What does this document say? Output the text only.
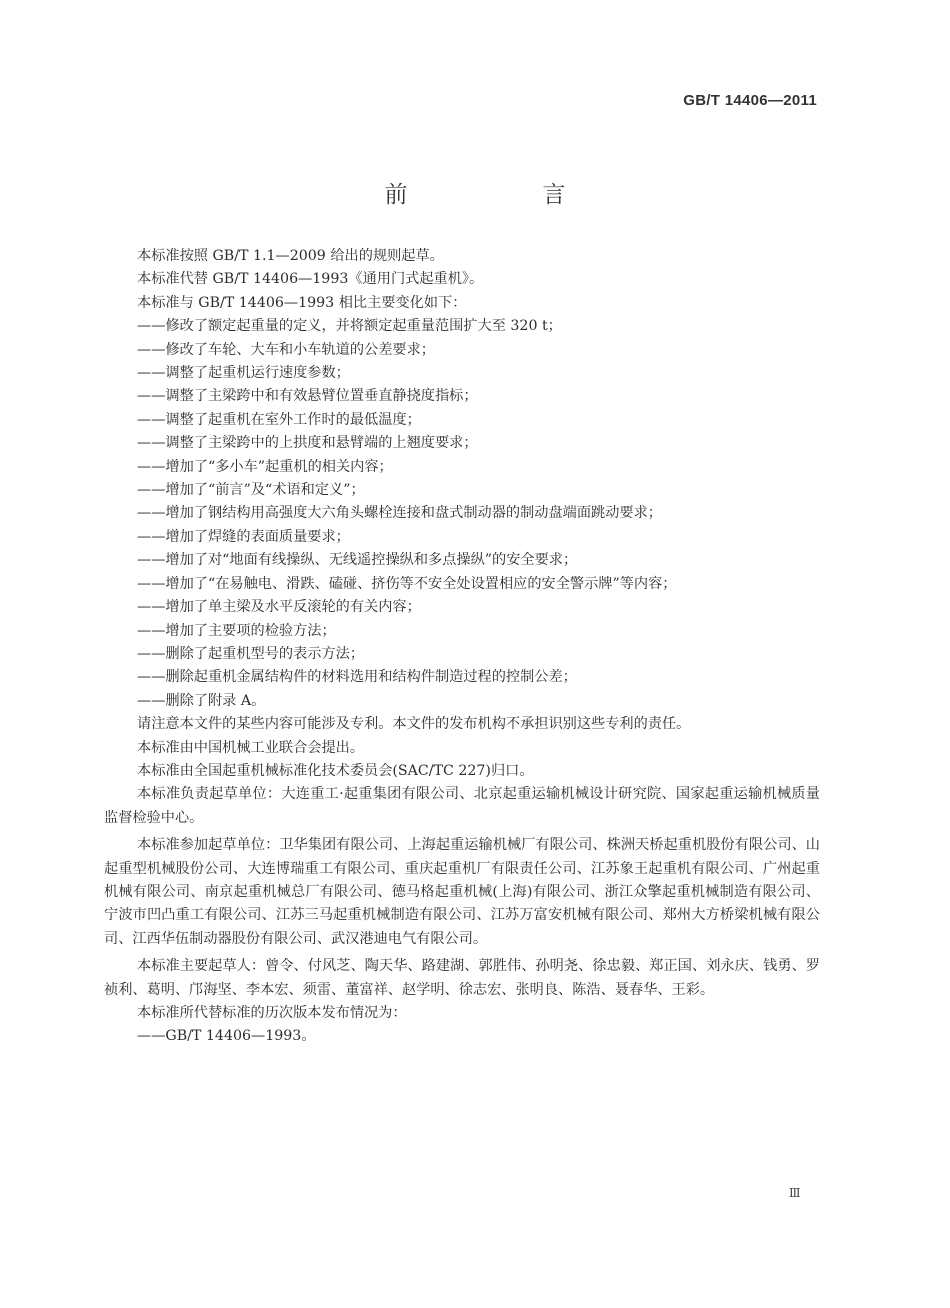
GB/T 14406—2011
前　言

本标准按照 GB/T 1.1—2009 给出的规则起草。

本标准代替 GB/T 14406—1993《通用门式起重机》。

本标准与 GB/T 14406—1993 相比主要变化如下：

——修改了额定起重量的定义，并将额定起重量范围扩大至 320 t；

——修改了车轮、大车和小车轨道的公差要求；

——调整了起重机运行速度参数；

——调整了主梁跨中和有效悬臂位置垂直静挠度指标；

——调整了起重机在室外工作时的最低温度；

——调整了主梁跨中的上拱度和悬臂端的上翘度要求；

——增加了“多小车”起重机的相关内容；

——增加了“前言”及“术语和定义”；

——增加了钢结构用高强度大六角头螺栓连接和盘式制动器的制动盘端面跳动要求；

——增加了焊缝的表面质量要求；

——增加了对“地面有线操纵、无线遥控操纵和多点操纵”的安全要求；

——增加了“在易触电、滑跌、磕碰、挤伤等不安全处设置相应的安全警示牌”等内容；

——增加了单主梁及水平反滚轮的有关内容；

——增加了主要项的检验方法；

——删除了起重机型号的表示方法；

——删除起重机金属结构件的材料选用和结构件制造过程的控制公差；

——删除了附录 A。

请注意本文件的某些内容可能涉及专利。本文件的发布机构不承担识别这些专利的责任。

本标准由中国机械工业联合会提出。

本标准由全国起重机械标准化技术委员会(SAC/TC 227)归口。

本标准负责起草单位：大连重工·起重集团有限公司、北京起重运输机械设计研究院、国家起重运输机械质量监督检验中心。

本标准参加起草单位：卫华集团有限公司、上海起重运输机械厂有限公司、株洲天桥起重机股份有限公司、山起重型机械股份公司、大连博瑞重工有限公司、重庆起重机厂有限责任公司、江苏象王起重机有限公司、广州起重机械有限公司、南京起重机械总厂有限公司、德马格起重机械(上海)有限公司、浙江众擎起重机械制造有限公司、宁波市凹凸重工有限公司、江苏三马起重机械制造有限公司、江苏万富安机械有限公司、郑州大方桥梁机械有限公司、江西华伍制动器股份有限公司、武汉港迪电气有限公司。

本标准主要起草人：曾令、付风芝、陶天华、路建湖、郭胜伟、孙明尧、徐忠毅、郑正国、刘永庆、钱勇、罗祯利、葛明、邝海坚、李本宏、须雷、董富祥、赵学明、徐志宏、张明良、陈浩、聂春华、王彩。

本标准所代替标准的历次版本发布情况为：

——GB/T 14406—1993。

Ⅲ
